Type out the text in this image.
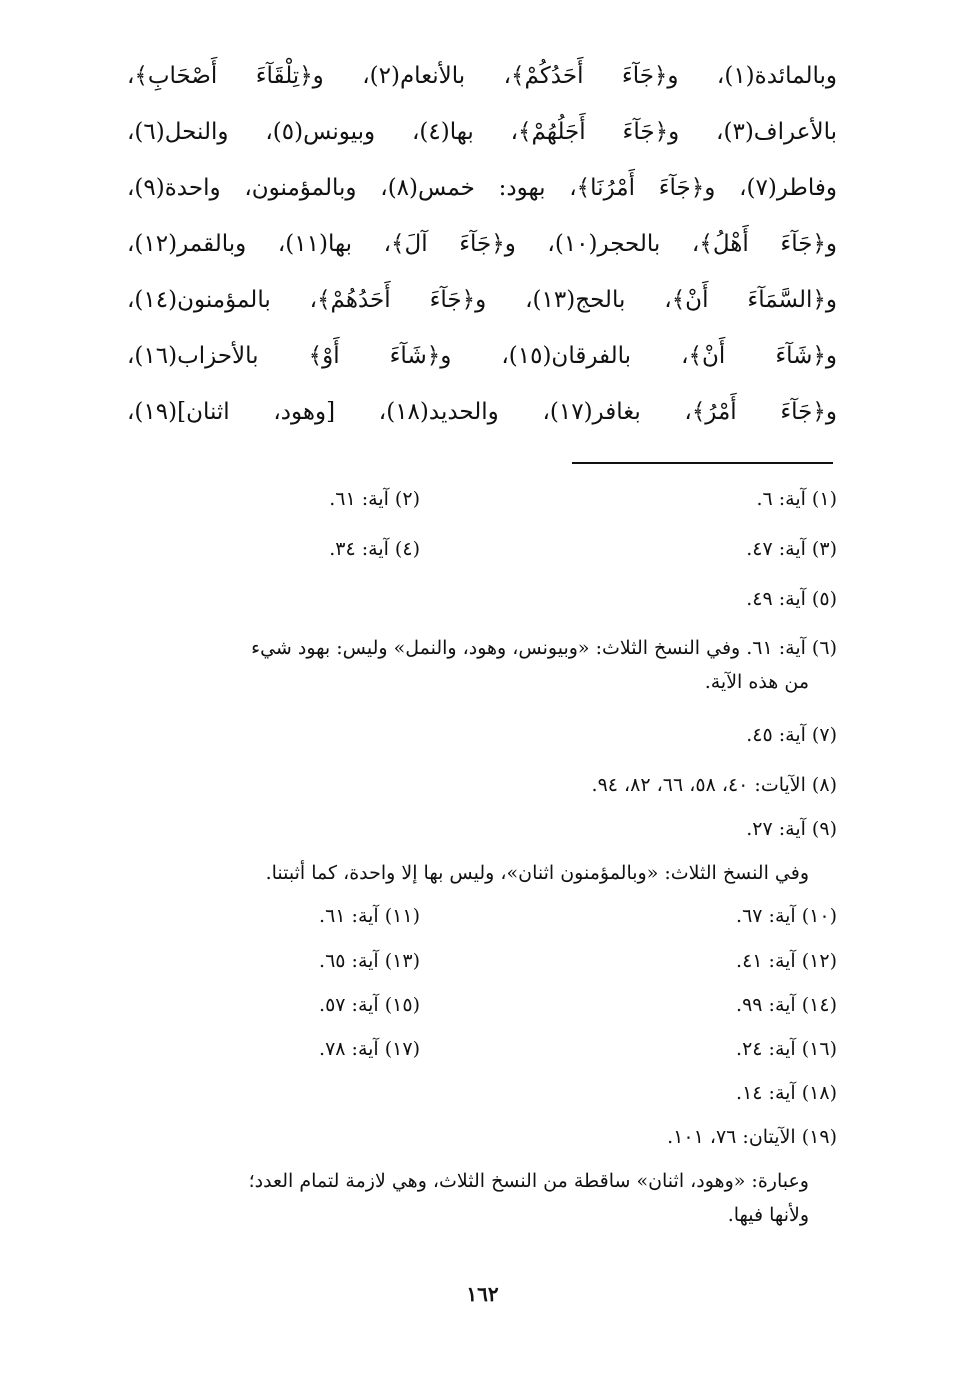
وبالمائدة(١)، و﴿جَآءَ أَحَدُكُمْ﴾، بالأنعام(٢)، و﴿تِلْقَآءَ أَصْحَابِ﴾،
بالأعراف(٣)، و﴿جَآءَ أَجَلُهُمْ﴾، بها(٤)، وبيونس(٥)، والنحل(٦)،
وفاطر(٧)، و﴿جَآءَ أَمْرُنَا﴾، بهود: خمس(٨)، وبالمؤمنون، واحدة(٩)،
و﴿جَآءَ أَهْلُ﴾، بالحجر(١٠)، و﴿جَآءَ آلَ﴾، بها(١١)، وبالقمر(١٢)،
و﴿السَّمَآءَ أَنْ﴾، بالحج(١٣)، و﴿جَآءَ أَحَدُهُمْ﴾، بالمؤمنون(١٤)،
و﴿شَآءَ أَنْ﴾، بالفرقان(١٥)، و﴿شَآءَ أَوْ﴾ بالأحزاب(١٦)،
و﴿جَآءَ أَمْرُ﴾، بغافر(١٧)، والحديد(١٨)، [وهود، اثنان](١٩)،
(١) آية: ٦.
(٢) آية: ٦١.
(٣) آية: ٤٧.
(٤) آية: ٣٤.
(٥) آية: ٤٩.
(٦) آية: ٦١. وفي النسخ الثلاث: «وبيونس، وهود، والنمل» وليس: بهود شيء
من هذه الآية.
(٧) آية: ٤٥.
(٨) الآيات: ٤٠، ٥٨، ٦٦، ٨٢، ٩٤.
(٩) آية: ٢٧.
وفي النسخ الثلاث: «وبالمؤمنون اثنان»، وليس بها إلا واحدة، كما أثبتنا.
(١٠) آية: ٦٧.
(١١) آية: ٦١.
(١٢) آية: ٤١.
(١٣) آية: ٦٥.
(١٤) آية: ٩٩.
(١٥) آية: ٥٧.
(١٦) آية: ٢٤.
(١٧) آية: ٧٨.
(١٨) آية: ١٤.
(١٩) الآيتان: ٧٦، ١٠١.
وعبارة: «وهود، اثنان» ساقطة من النسخ الثلاث، وهي لازمة لتمام العدد؛
ولأنها فيها.
١٦٢
